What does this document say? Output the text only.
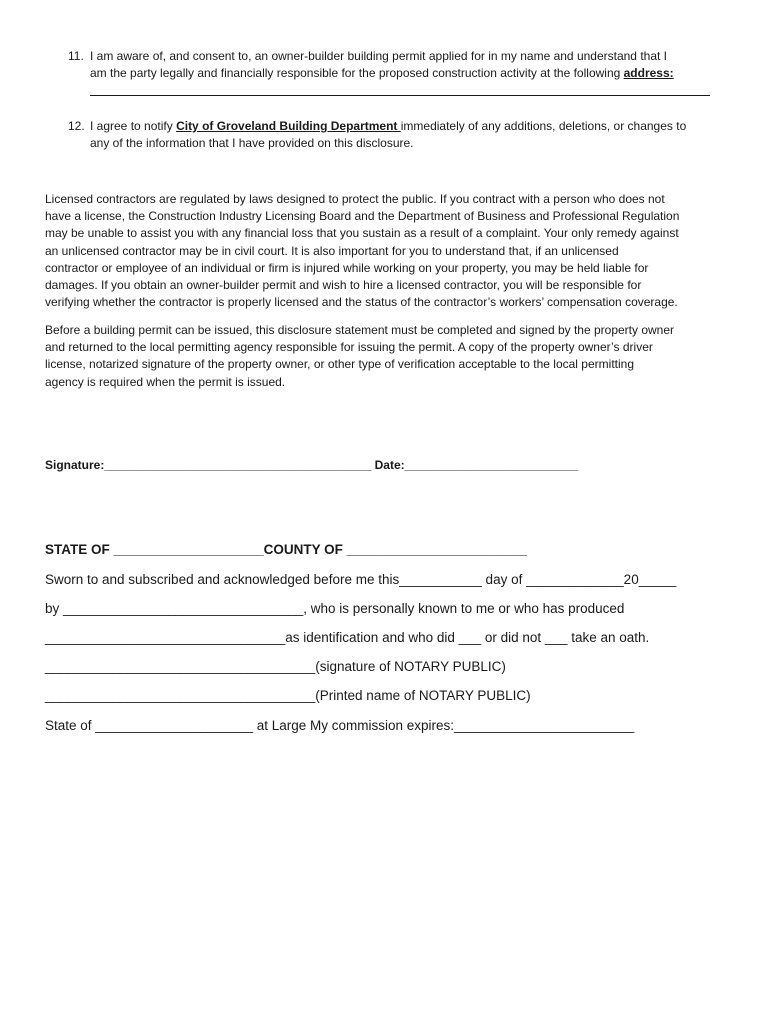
11. I am aware of, and consent to, an owner-builder building permit applied for in my name and understand that I
am the party legally and financially responsible for the proposed construction activity at the following address:
12. I agree to notify City of Groveland Building Department immediately of any additions, deletions, or changes to
any of the information that I have provided on this disclosure.

Licensed contractors are regulated by laws designed to protect the public. If you contract with a person who does not

have a license, the Construction Industry Licensing Board and the Department of Business and Professional Regulation

may be unable to assist you with any financial loss that you sustain as a result of a complaint. Your only remedy against

an unlicensed contractor may be in civil court. It is also important for you to understand that, if an unlicensed

contractor or employee of an individual or firm is injured while working on your property, you may be held liable for

damages. If you obtain an owner-builder permit and wish to hire a licensed contractor, you will be responsible for

verifying whether the contractor is properly licensed and the status of the contractor’s workers’ compensation coverage.

Before a building permit can be issued, this disclosure statement must be completed and signed by the property owner

and returned to the local permitting agency responsible for issuing the permit. A copy of the property owner’s driver

license, notarized signature of the property owner, or other type of verification acceptable to the local permitting

agency is required when the permit is issued.

Signature:________________________________________ Date:__________________________
STATE OF ____________________COUNTY OF ________________________
Sworn to and subscribed and acknowledged before me this___________ day of _____________20_____
by ________________________________, who is personally known to me or who has produced
________________________________as identification and who did ___ or did not ___ take an oath.
____________________________________(signature of NOTARY PUBLIC)
____________________________________(Printed name of NOTARY PUBLIC)
State of _____________________ at Large My commission expires:________________________
